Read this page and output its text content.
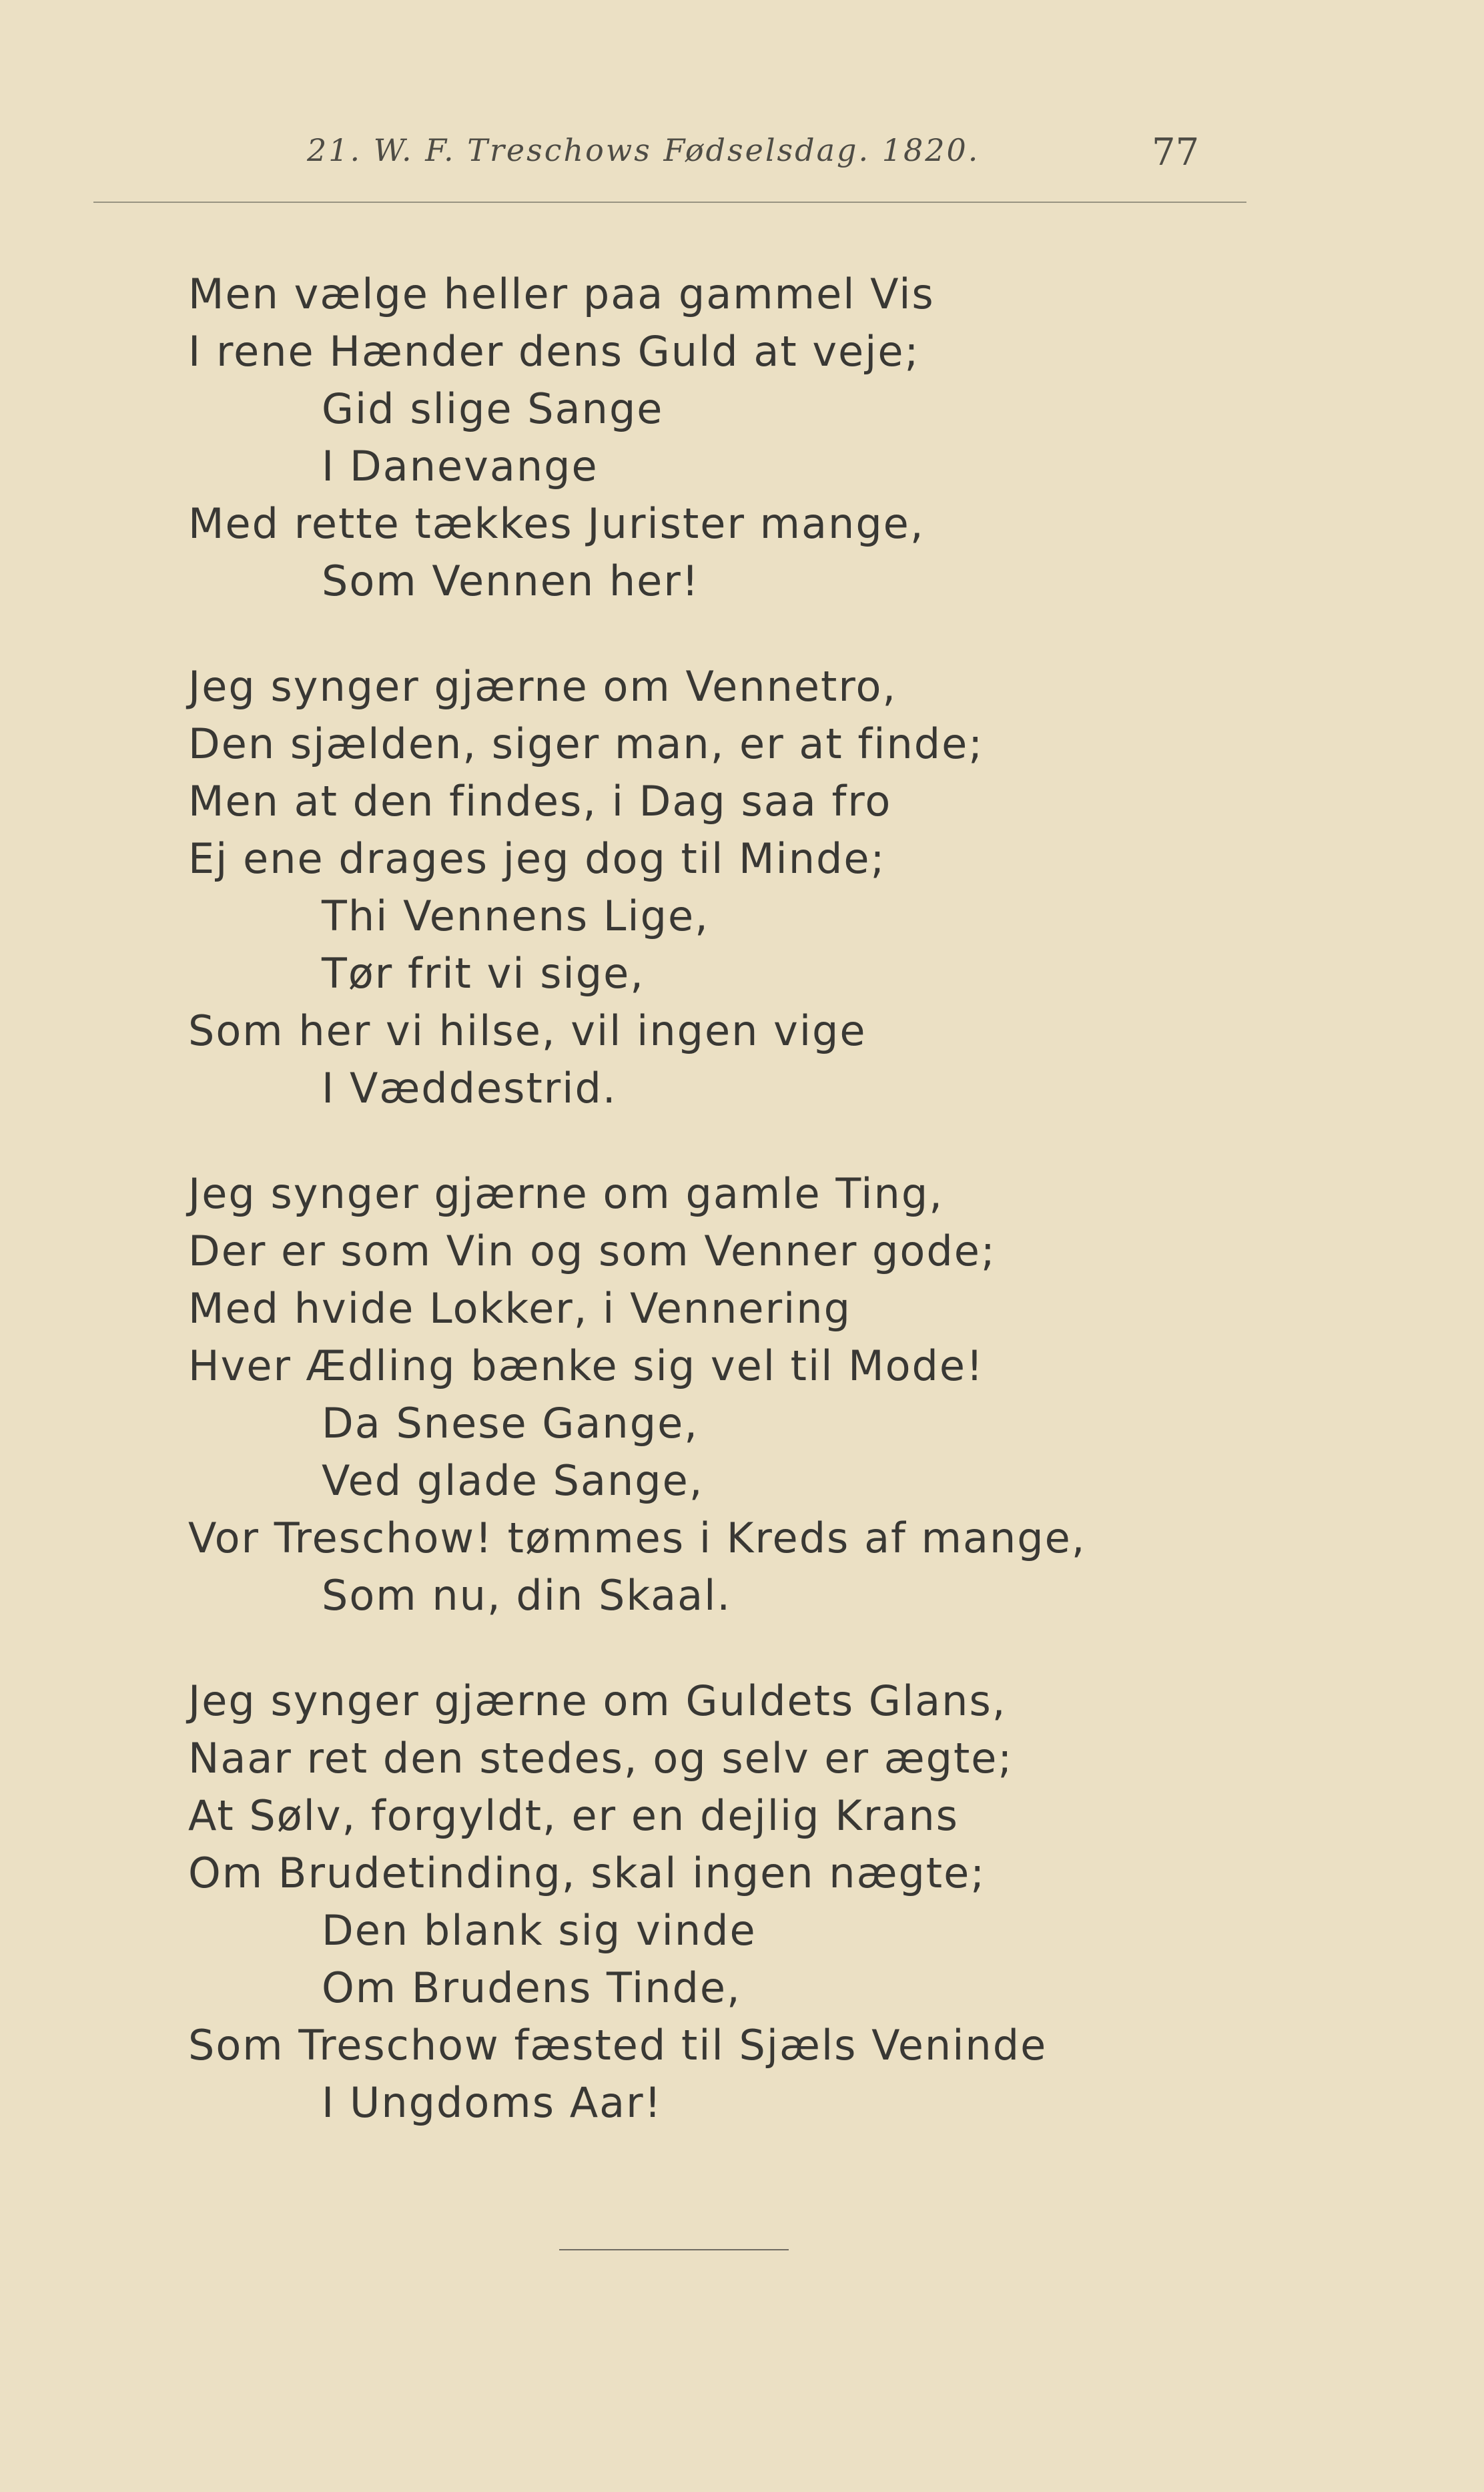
21. W. F. Treschows Fødselsdag. 1820.	77
Men vælge heller paa gammel Vis
I rene Hænder dens Guld at veje;
Gid slige Sange
I Danevange
Med rette tækkes Jurister mange,
Som Vennen her!
Jeg synger gjærne om Vennetro,
Den sjælden, siger man, er at finde;
Men at den findes, i Dag saa fro
Ej ene drages jeg dog til Minde;
Thi Vennens Lige,
Tør frit vi sige,
Som her vi hilse, vil ingen vige
I Væddestrid.
Jeg synger gjærne om gamle Ting,
Der er som Vin og som Venner gode;
Med hvide Lokker, i Vennering
Hver Ædling bænke sig vel til Mode!
Da Snese Gange,
Ved glade Sange,
Vor Treschow! tømmes i Kreds af mange,
Som nu, din Skaal.
Jeg synger gjærne om Guldets Glans,
Naar ret den stedes, og selv er ægte;
At Sølv, forgyldt, er en dejlig Krans
Om Brudetinding, skal ingen nægte;
Den blank sig vinde
Om Brudens Tinde,
Som Treschow fæsted til Sjæls Veninde
I Ungdoms Aar!
